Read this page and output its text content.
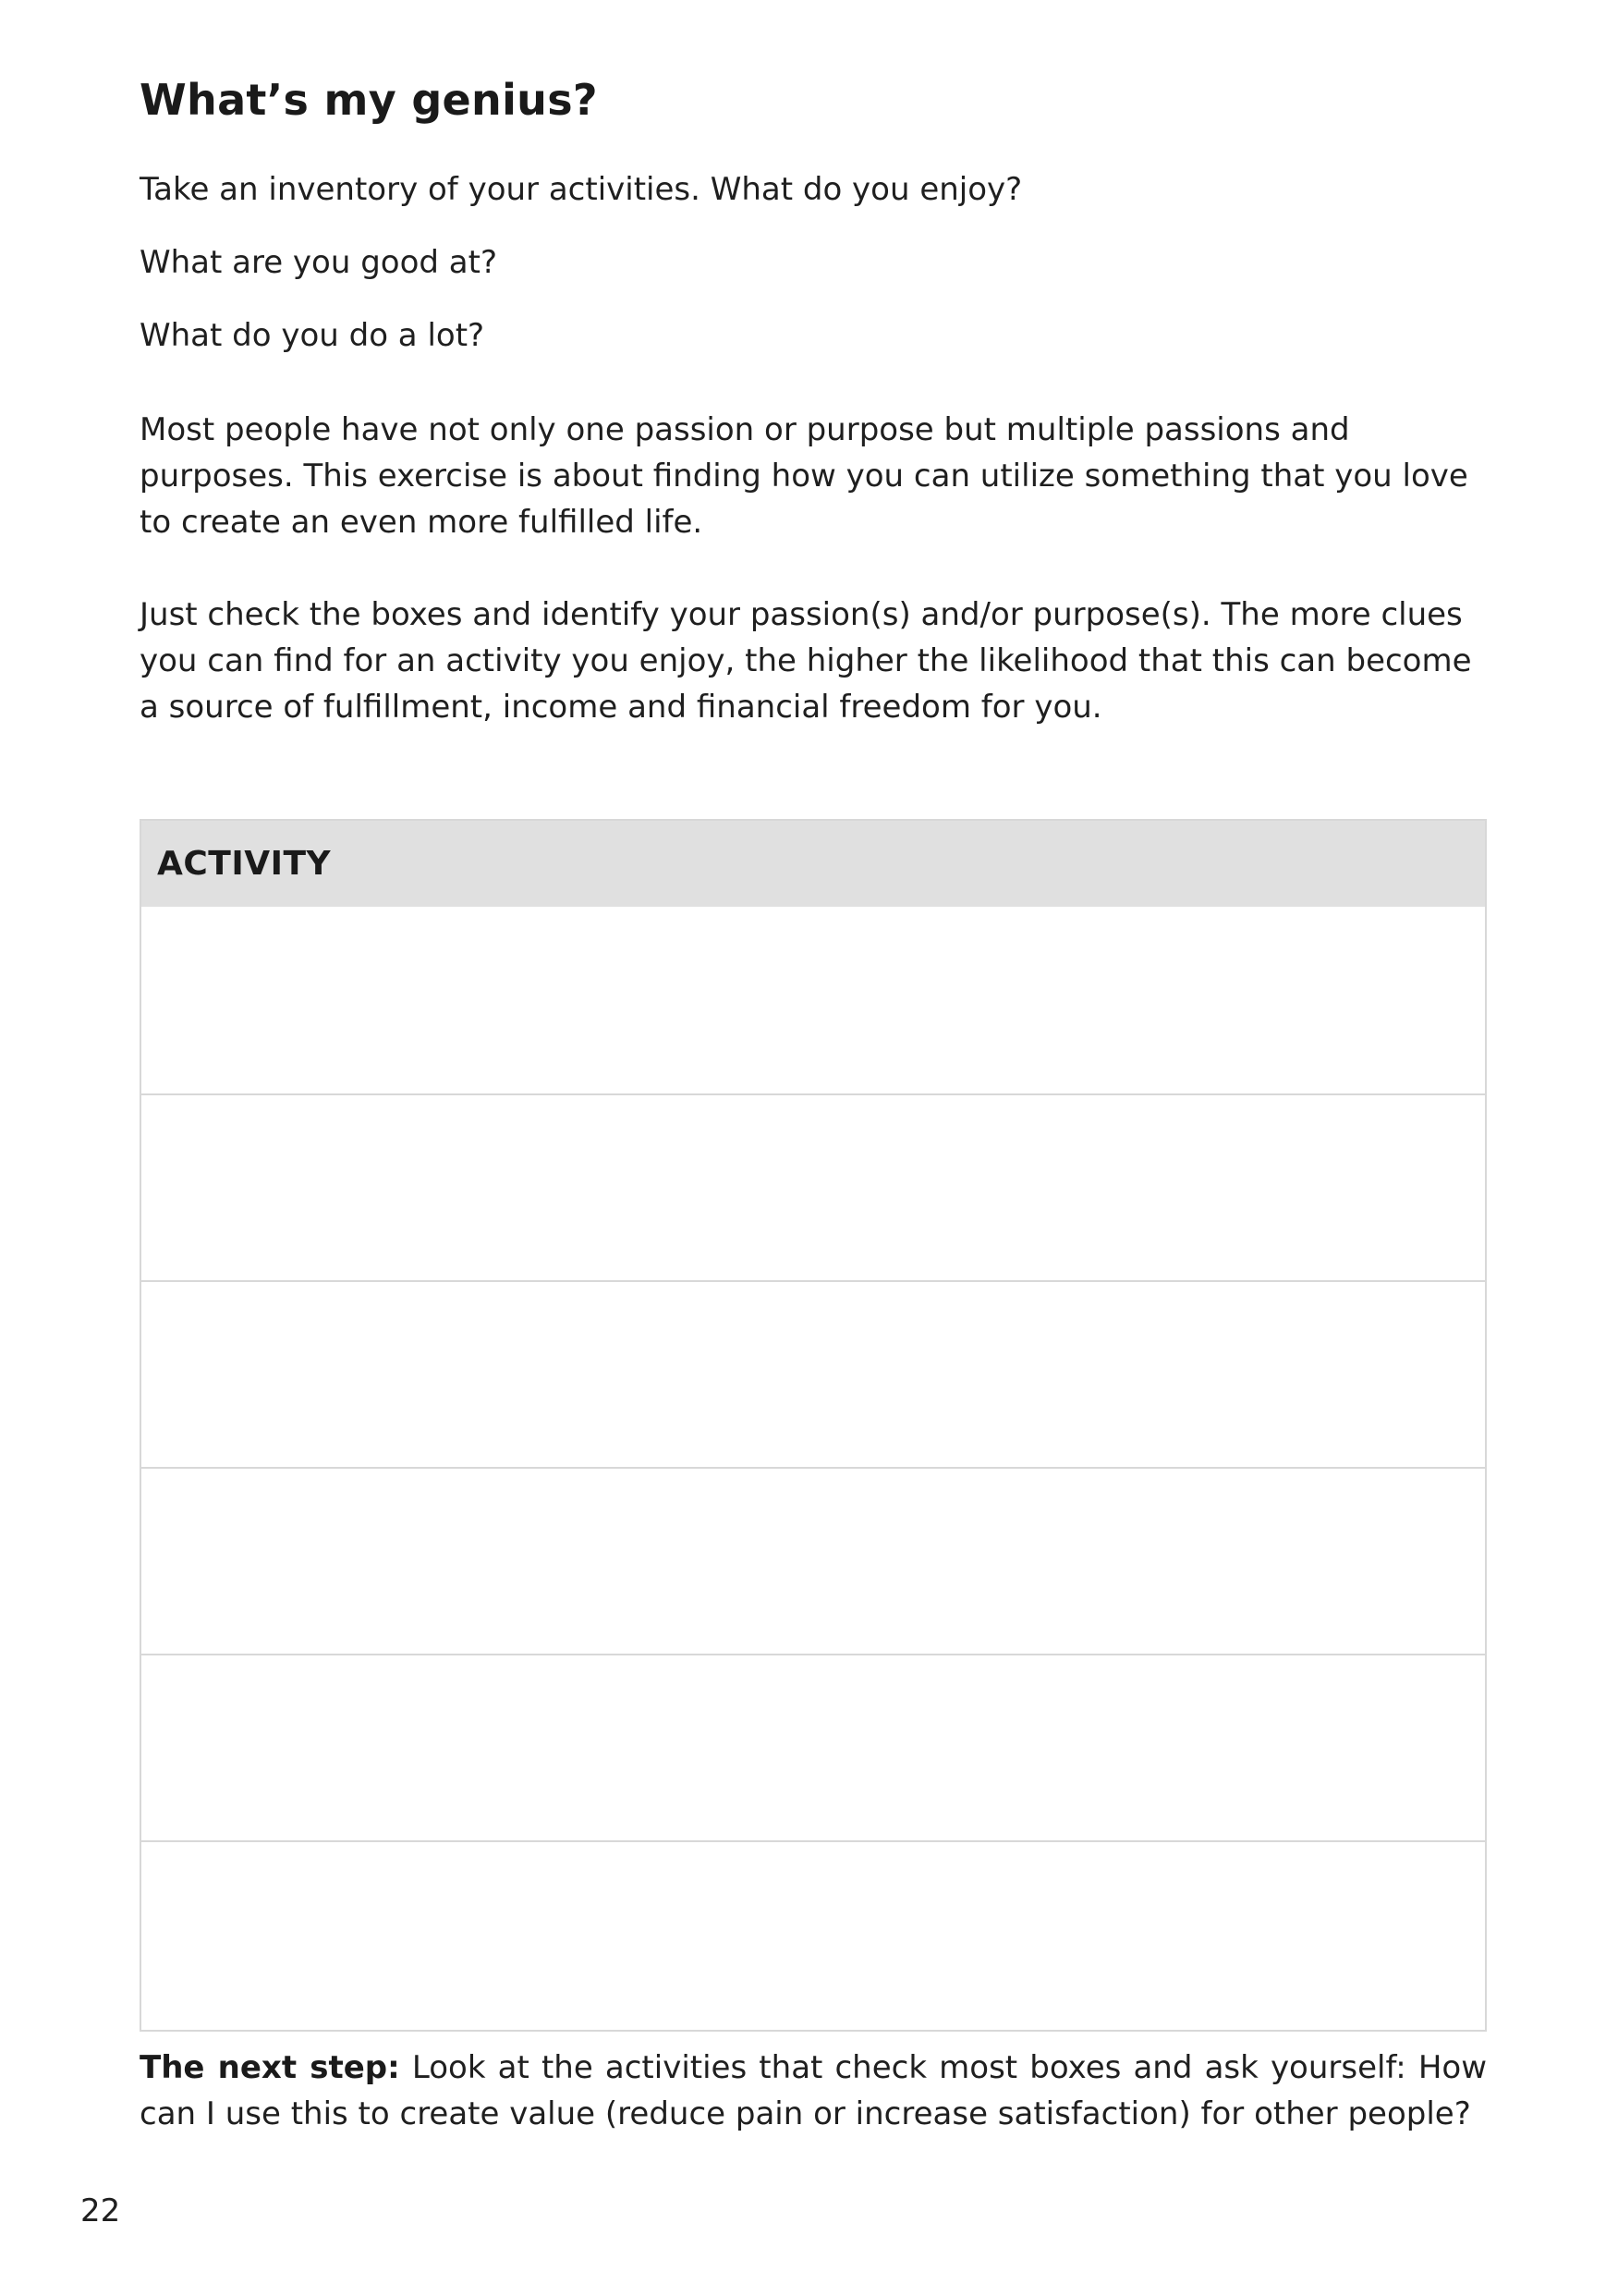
What’s my genius?

Take an inventory of your activities. What do you enjoy?

What are you good at?

What do you do a lot?

Most people have not only one passion or purpose but multiple passions and purposes. This exercise is about finding how you can utilize something that you love to create an even more fulfilled life.

Just check the boxes and identify your passion(s) and/or purpose(s). The more clues you can find for an activity you enjoy, the higher the likelihood that this can become a source of fulfillment, income and financial freedom for you.

ACTIVITY

The next step: Look at the activities that check most boxes and ask yourself: How can I use this to create value (reduce pain or increase satisfaction) for other people?

22
